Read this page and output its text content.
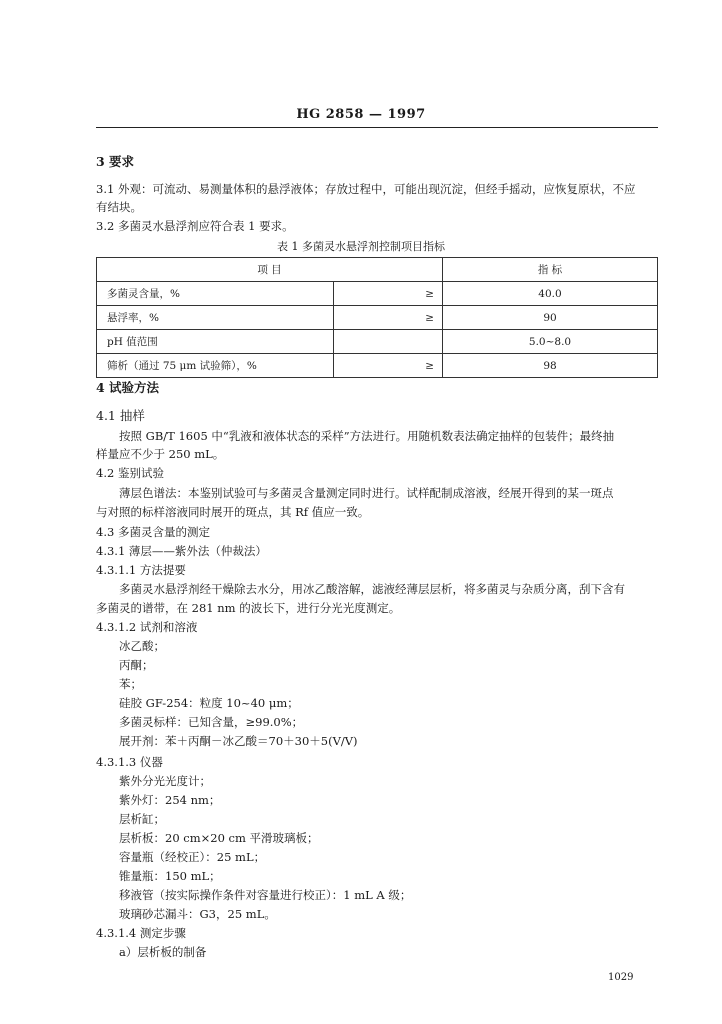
HG 2858 — 1997
3 要求
3.1 外观：可流动、易测量体积的悬浮液体；存放过程中，可能出现沉淀，但经手摇动，应恢复原状，不应
有结块。
3.2 多菌灵水悬浮剂应符合表 1 要求。
表 1 多菌灵水悬浮剂控制项目指标
项 目		指 标
多菌灵含量，%	≥	40.0
悬浮率，%	≥	90
pH 值范围		5.0~8.0
筛析（通过 75 μm 试验筛），%	≥	98
4 试验方法
4.1 抽样
按照 GB/T 1605 中“乳液和液体状态的采样”方法进行。用随机数表法确定抽样的包装件；最终抽
样量应不少于 250 mL。
4.2 鉴别试验
薄层色谱法：本鉴别试验可与多菌灵含量测定同时进行。试样配制成溶液，经展开得到的某一斑点
与对照的标样溶液同时展开的斑点，其 Rf 值应一致。
4.3 多菌灵含量的测定
4.3.1 薄层——紫外法（仲裁法）
4.3.1.1 方法提要
多菌灵水悬浮剂经干燥除去水分，用冰乙酸溶解，滤液经薄层层析，将多菌灵与杂质分离，刮下含有
多菌灵的谱带，在 281 nm 的波长下，进行分光光度测定。
4.3.1.2 试剂和溶液
冰乙酸；
丙酮；
苯；
硅胶 GF-254：粒度 10~40 μm；
多菌灵标样：已知含量，≥99.0%；
展开剂：苯＋丙酮－冰乙酸＝70＋30＋5(V/V)
4.3.1.3 仪器
紫外分光光度计；
紫外灯：254 nm；
层析缸；
层析板：20 cm×20 cm 平滑玻璃板；
容量瓶（经校正）：25 mL；
锥量瓶：150 mL；
移液管（按实际操作条件对容量进行校正）：1 mL A 级；
玻璃砂芯漏斗：G3，25 mL。
4.3.1.4 测定步骤
a）层析板的制备
1029
